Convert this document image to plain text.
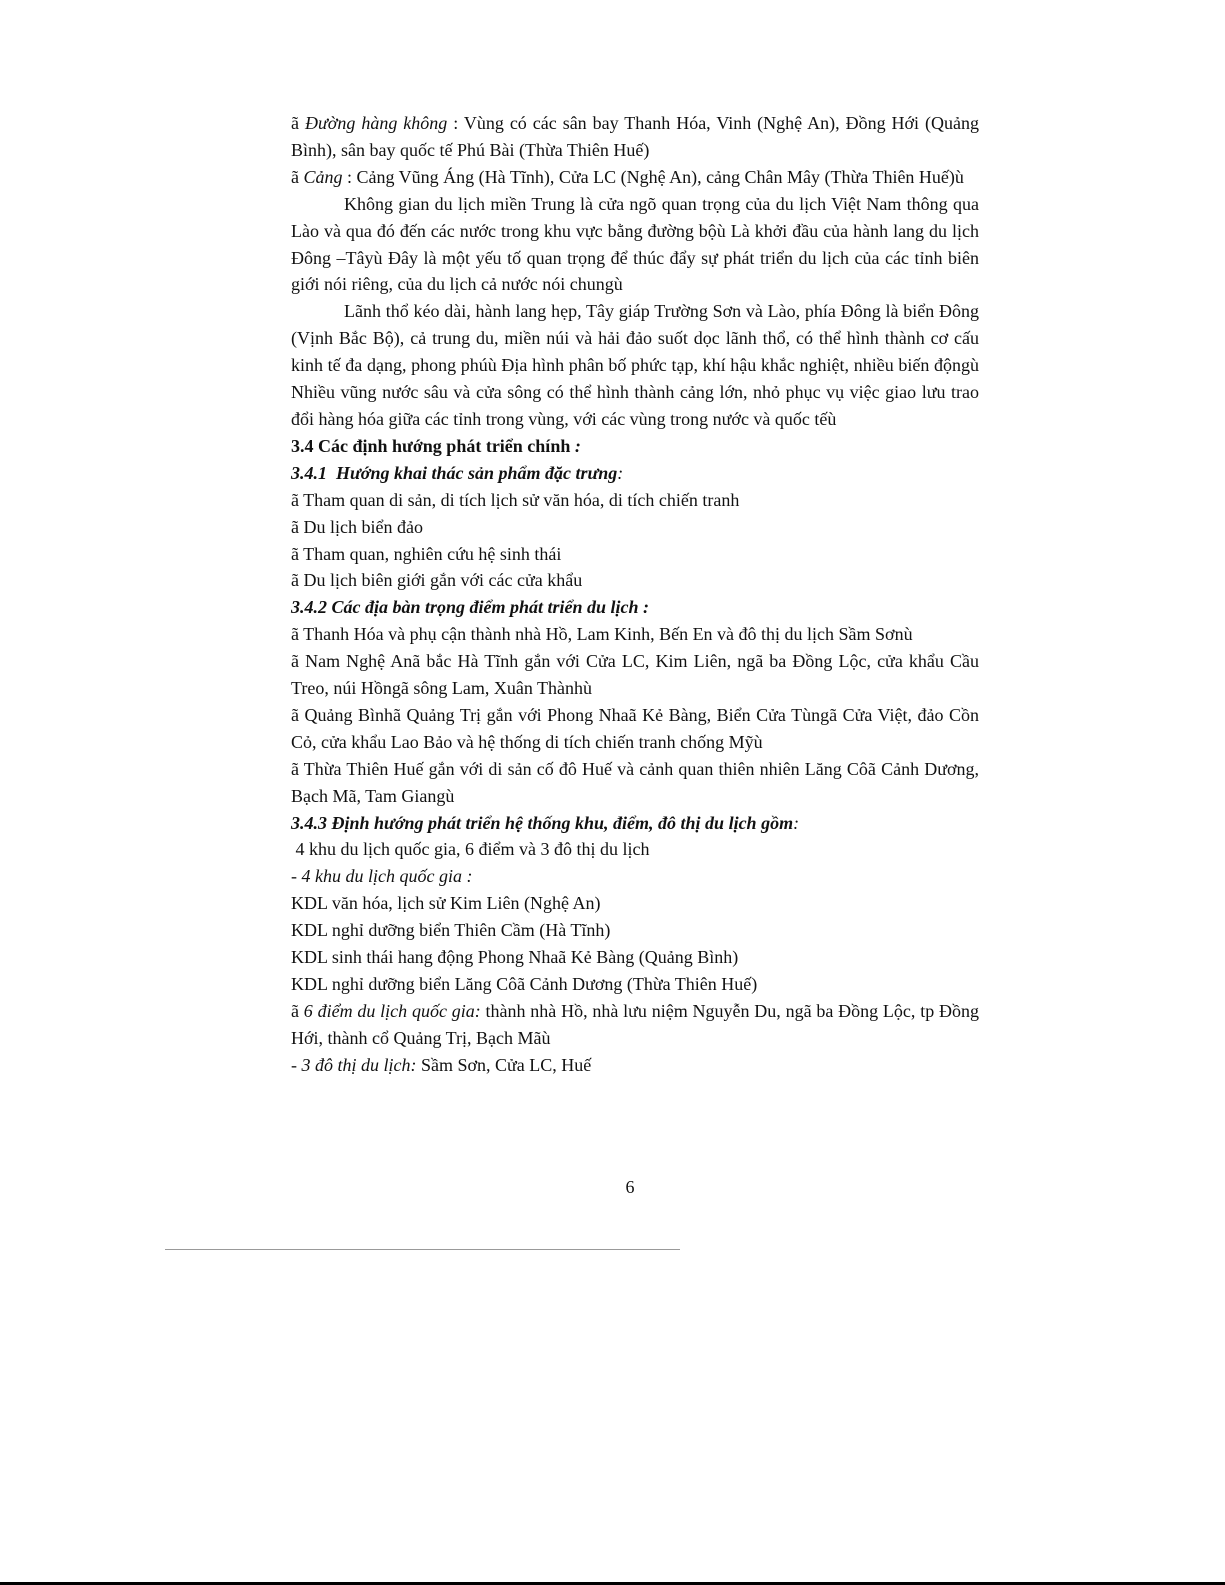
ã Đường hàng không : Vùng có các sân bay Thanh Hóa, Vinh (Nghệ An), Đồng Hới (Quảng Bình), sân bay quốc tế Phú Bài (Thừa Thiên Huế)

ã Cảng : Cảng Vũng Áng (Hà Tĩnh), Cửa LC (Nghệ An), cảng Chân Mây (Thừa Thiên Huế)ù

Không gian du lịch miền Trung là cửa ngõ quan trọng của du lịch Việt Nam thông qua Lào và qua đó đến các nước trong khu vực bằng đường bộù Là khởi đầu của hành lang du lịch Đông –Tâyù Đây là một yếu tố quan trọng để thúc đẩy sự phát triển du lịch của các tỉnh biên giới nói riêng, của du lịch cả nước nói chungù

Lãnh thổ kéo dài, hành lang hẹp, Tây giáp Trường Sơn và Lào, phía Đông là biển Đông (Vịnh Bắc Bộ), cả trung du, miền núi và hải đảo suốt dọc lãnh thổ, có thể hình thành cơ cấu kinh tế đa dạng, phong phúù Địa hình phân bố phức tạp, khí hậu khắc nghiệt, nhiều biến độngù Nhiều vũng nước sâu và cửa sông có thể hình thành cảng lớn, nhỏ phục vụ việc giao lưu trao đổi hàng hóa giữa các tỉnh trong vùng, với các vùng trong nước và quốc tếù

3.4 Các định hướng phát triển chính :

3.4.1  Hướng khai thác sản phẩm đặc trưng:

ã Tham quan di sản, di tích lịch sử văn hóa, di tích chiến tranh

ã Du lịch biển đảo

ã Tham quan, nghiên cứu hệ sinh thái

ã Du lịch biên giới gắn với các cửa khẩu

3.4.2 Các địa bàn trọng điểm phát triển du lịch :

ã Thanh Hóa và phụ cận thành nhà Hồ, Lam Kinh, Bến En và đô thị du lịch Sầm Sơnù

ã Nam Nghệ Anã bắc Hà Tĩnh gắn với Cửa LC, Kim Liên, ngã ba Đồng Lộc, cửa khẩu Cầu Treo, núi Hồngã sông Lam, Xuân Thànhù

ã Quảng Bìnhã Quảng Trị gắn với Phong Nhaã Kẻ Bàng, Biển Cửa Tùngã Cửa Việt, đảo Cồn Cỏ, cửa khẩu Lao Bảo và hệ thống di tích chiến tranh chống Mỹù

ã Thừa Thiên Huế gắn với di sản cố đô Huế và cảnh quan thiên nhiên Lăng Côã Cảnh Dương, Bạch Mã, Tam Giangù

3.4.3 Định hướng phát triển hệ thống khu, điểm, đô thị du lịch gồm:

4 khu du lịch quốc gia, 6 điểm và 3 đô thị du lịch

- 4 khu du lịch quốc gia :

KDL văn hóa, lịch sử Kim Liên (Nghệ An)

KDL nghỉ dưỡng biển Thiên Cầm (Hà Tĩnh)

KDL sinh thái hang động Phong Nhaã Kẻ Bàng (Quảng Bình)

KDL nghỉ dưỡng biển Lăng Côã Cảnh Dương (Thừa Thiên Huế)

ã 6 điểm du lịch quốc gia: thành nhà Hồ, nhà lưu niệm Nguyễn Du, ngã ba Đồng Lộc, tp Đồng Hới, thành cổ Quảng Trị, Bạch Mãù

- 3 đô thị du lịch: Sầm Sơn, Cửa LC, Huế

6
